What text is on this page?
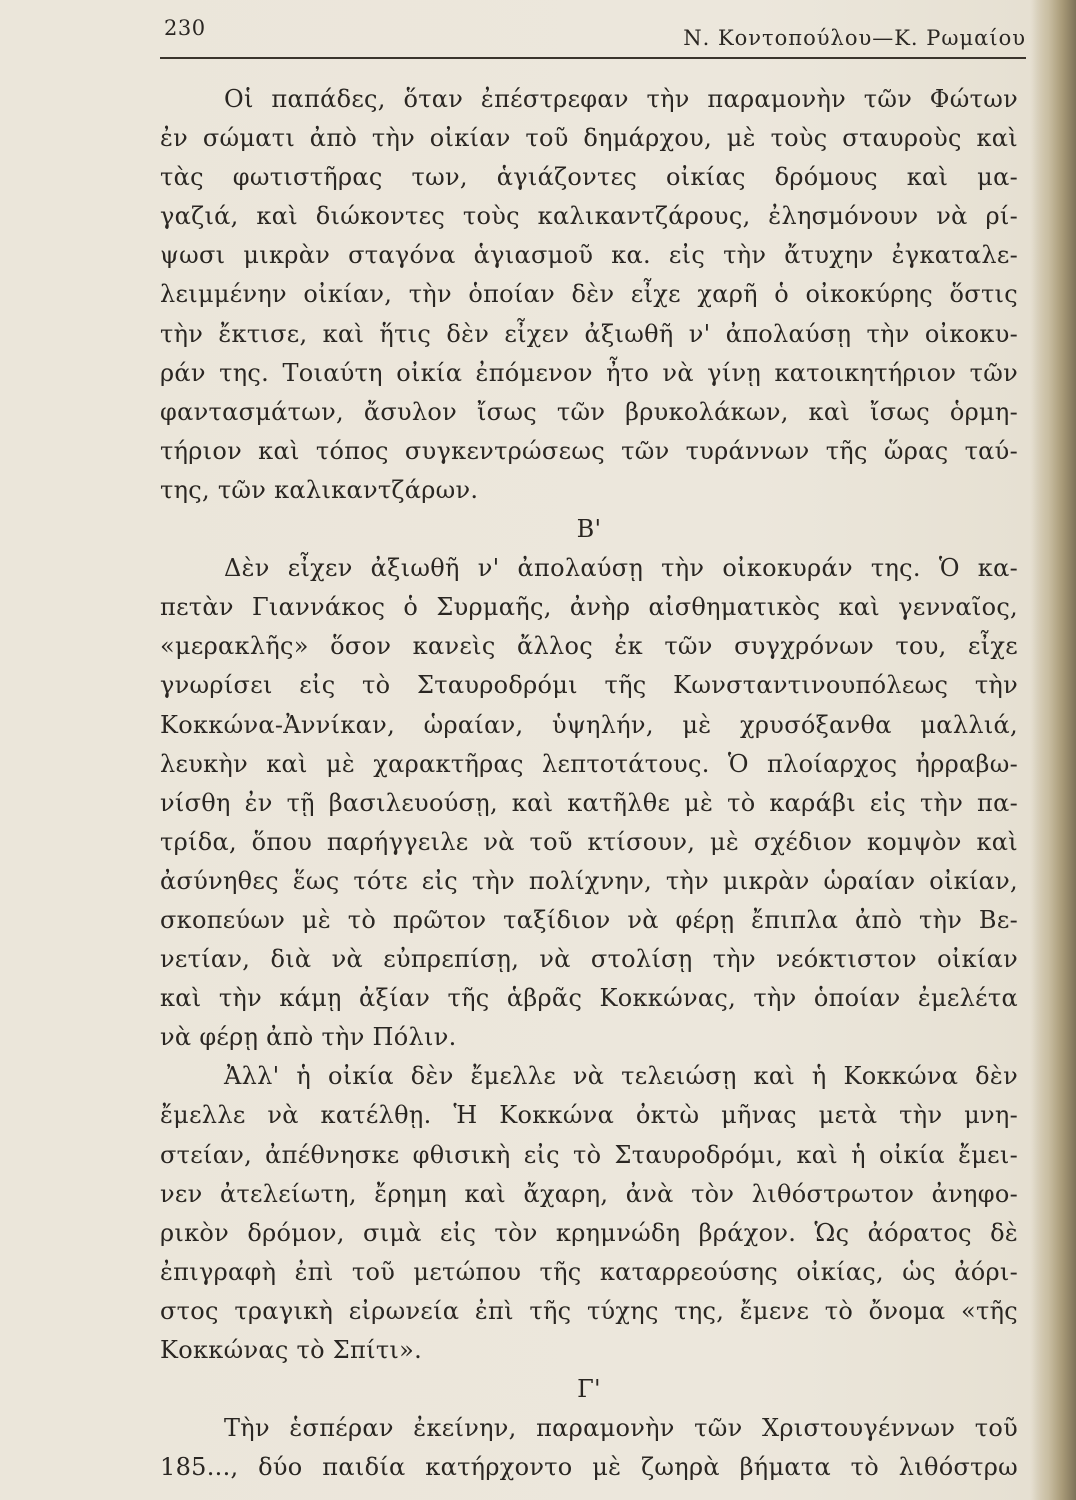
230	Ν. Κοντοπούλου—Κ. Ρωμαίου
Οἱ παπάδες, ὅταν ἐπέστρεφαν τὴν παραμονὴν τῶν Φώτων
ἐν σώματι ἀπὸ τὴν οἰκίαν τοῦ δημάρχου, μὲ τοὺς σταυροὺς καὶ
τὰς φωτιστῆρας των, ἁγιάζοντες οἰκίας δρόμους καὶ μα-
γαζιά, καὶ διώκοντες τοὺς καλικαντζάρους, ἐλησμόνουν νὰ ρί-
ψωσι μικρὰν σταγόνα ἁγιασμοῦ κα. εἰς τὴν ἄτυχην ἐγκαταλε-
λειμμένην οἰκίαν, τὴν ὁποίαν δὲν εἶχε χαρῆ ὁ οἰκοκύρης ὅστις
τὴν ἔκτισε, καὶ ἥτις δὲν εἶχεν ἀξιωθῆ ν' ἀπολαύσῃ τὴν οἰκοκυ-
ράν της. Τοιαύτη οἰκία ἐπόμενον ἦτο νὰ γίνῃ κατοικητήριον τῶν
φαντασμάτων, ἄσυλον ἴσως τῶν βρυκολάκων, καὶ ἴσως ὁρμη-
τήριον καὶ τόπος συγκεντρώσεως τῶν τυράννων τῆς ὥρας ταύ-
της, τῶν καλικαντζάρων.
Β'
Δὲν εἶχεν ἀξιωθῆ ν' ἀπολαύσῃ τὴν οἰκοκυράν της. Ὁ κα-
πετὰν Γιαννάκος ὁ Συρμαῆς, ἀνὴρ αἰσθηματικὸς καὶ γενναῖος,
«μερακλῆς» ὅσον κανεὶς ἄλλος ἐκ τῶν συγχρόνων του, εἶχε
γνωρίσει εἰς τὸ Σταυροδρόμι τῆς Κωνσταντινουπόλεως τὴν
Κοκκώνα-Ἀννίκαν, ὡραίαν, ὑψηλήν, μὲ χρυσόξανθα μαλλιά,
λευκὴν καὶ μὲ χαρακτῆρας λεπτοτάτους. Ὁ πλοίαρχος ἠρραβω-
νίσθη ἐν τῇ βασιλευούσῃ, καὶ κατῆλθε μὲ τὸ καράβι εἰς τὴν πα-
τρίδα, ὅπου παρήγγειλε νὰ τοῦ κτίσουν, μὲ σχέδιον κομψὸν καὶ
ἀσύνηθες ἕως τότε εἰς τὴν πολίχνην, τὴν μικρὰν ὡραίαν οἰκίαν,
σκοπεύων μὲ τὸ πρῶτον ταξίδιον νὰ φέρῃ ἔπιπλα ἀπὸ τὴν Βε-
νετίαν, διὰ νὰ εὐπρεπίσῃ, νὰ στολίσῃ τὴν νεόκτιστον οἰκίαν
καὶ τὴν κάμῃ ἀξίαν τῆς ἁβρᾶς Κοκκώνας, τὴν ὁποίαν ἐμελέτα
νὰ φέρῃ ἀπὸ τὴν Πόλιν.
Ἀλλ' ἡ οἰκία δὲν ἔμελλε νὰ τελειώσῃ καὶ ἡ Κοκκώνα δὲν
ἔμελλε νὰ κατέλθῃ. Ἡ Κοκκώνα ὀκτὼ μῆνας μετὰ τὴν μνη-
στείαν, ἀπέθνησκε φθισικὴ εἰς τὸ Σταυροδρόμι, καὶ ἡ οἰκία ἔμει-
νεν ἀτελείωτη, ἔρημη καὶ ἄχαρη, ἀνὰ τὸν λιθόστρωτον ἀνηφο-
ρικὸν δρόμον, σιμὰ εἰς τὸν κρημνώδη βράχον. Ὡς ἀόρατος δὲ
ἐπιγραφὴ ἐπὶ τοῦ μετώπου τῆς καταρρεούσης οἰκίας, ὡς ἀόρι-
στος τραγικὴ εἰρωνεία ἐπὶ τῆς τύχης της, ἔμενε τὸ ὄνομα «τῆς
Κοκκώνας τὸ Σπίτι».
Γ'
Τὴν ἑσπέραν ἐκείνην, παραμονὴν τῶν Χριστουγέννων τοῦ
185..., δύο παιδία κατήρχοντο μὲ ζωηρὰ βήματα τὸ λιθόστρω
